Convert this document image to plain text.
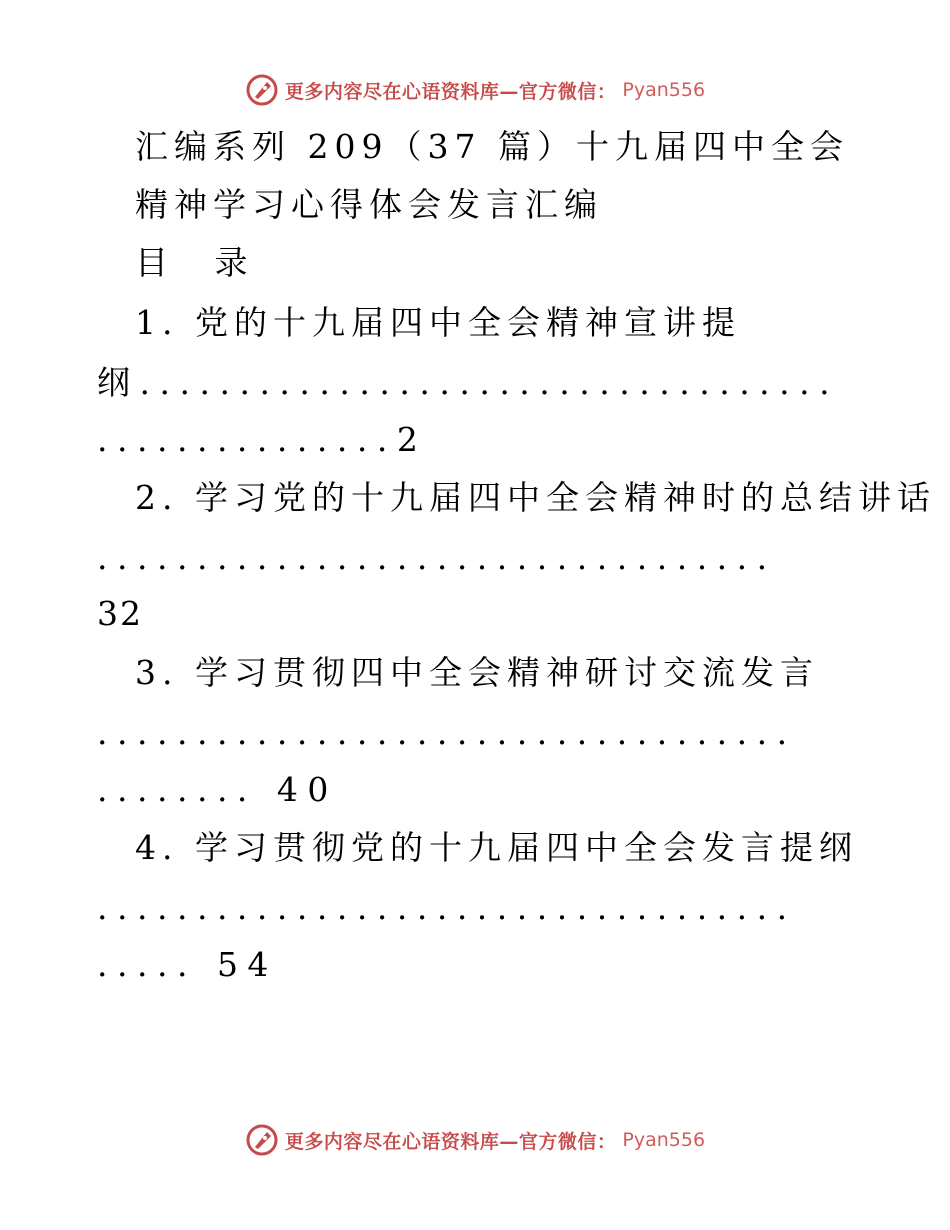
更多内容尽在心语资料库—官方微信： Pyan556
汇编系列 209（37 篇）十九届四中全会
精神学习心得体会发言汇编
目 录
1. 党的十九届四中全会精神宣讲提
纲...................................
...............2
2. 学习党的十九届四中全会精神时的总结讲话
..................................
32
3. 学习贯彻四中全会精神研讨交流发言
...................................
........ 40
4. 学习贯彻党的十九届四中全会发言提纲
...................................
..... 54
更多内容尽在心语资料库—官方微信： Pyan556
